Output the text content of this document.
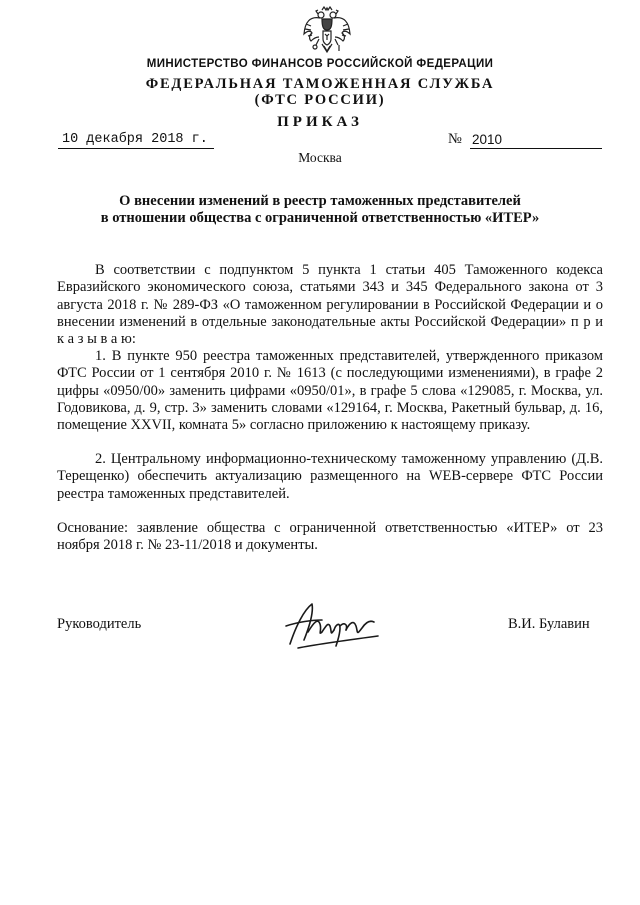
МИНИСТЕРСТВО ФИНАНСОВ РОССИЙСКОЙ ФЕДЕРАЦИИ
ФЕДЕРАЛЬНАЯ ТАМОЖЕННАЯ СЛУЖБА
(ФТС РОССИИ)
ПРИКАЗ
10 декабря 2018 г.	№ 2010
Москва
О внесении изменений в реестр таможенных представителей
в отношении общества с ограниченной ответственностью «ИТЕР»

В соответствии с подпунктом 5 пункта 1 статьи 405 Таможенного кодекса Евразийского экономического союза, статьями 343 и 345 Федерального закона от 3 августа 2018 г. № 289-ФЗ «О таможенном регулировании в Российской Федерации и о внесении изменений в отдельные законодательные акты Российской Федерации» п р и к а з ы в а ю:

1. В пункте 950 реестра таможенных представителей, утвержденного приказом ФТС России от 1 сентября 2010 г. № 1613 (с последующими изменениями), в графе 2 цифры «0950/00» заменить цифрами «0950/01», в графе 5 слова «129085, г. Москва, ул. Годовикова, д. 9, стр. 3» заменить словами «129164, г. Москва, Ракетный бульвар, д. 16, помещение XXVII, комната 5» согласно приложению к настоящему приказу.

2. Центральному информационно-техническому таможенному управлению (Д.В. Терещенко) обеспечить актуализацию размещенного на WEB-сервере ФТС России реестра таможенных представителей.

Основание: заявление общества с ограниченной ответственностью «ИТЕР» от 23 ноября 2018 г. № 23-11/2018 и документы.

Руководитель	В.И. Булавин
